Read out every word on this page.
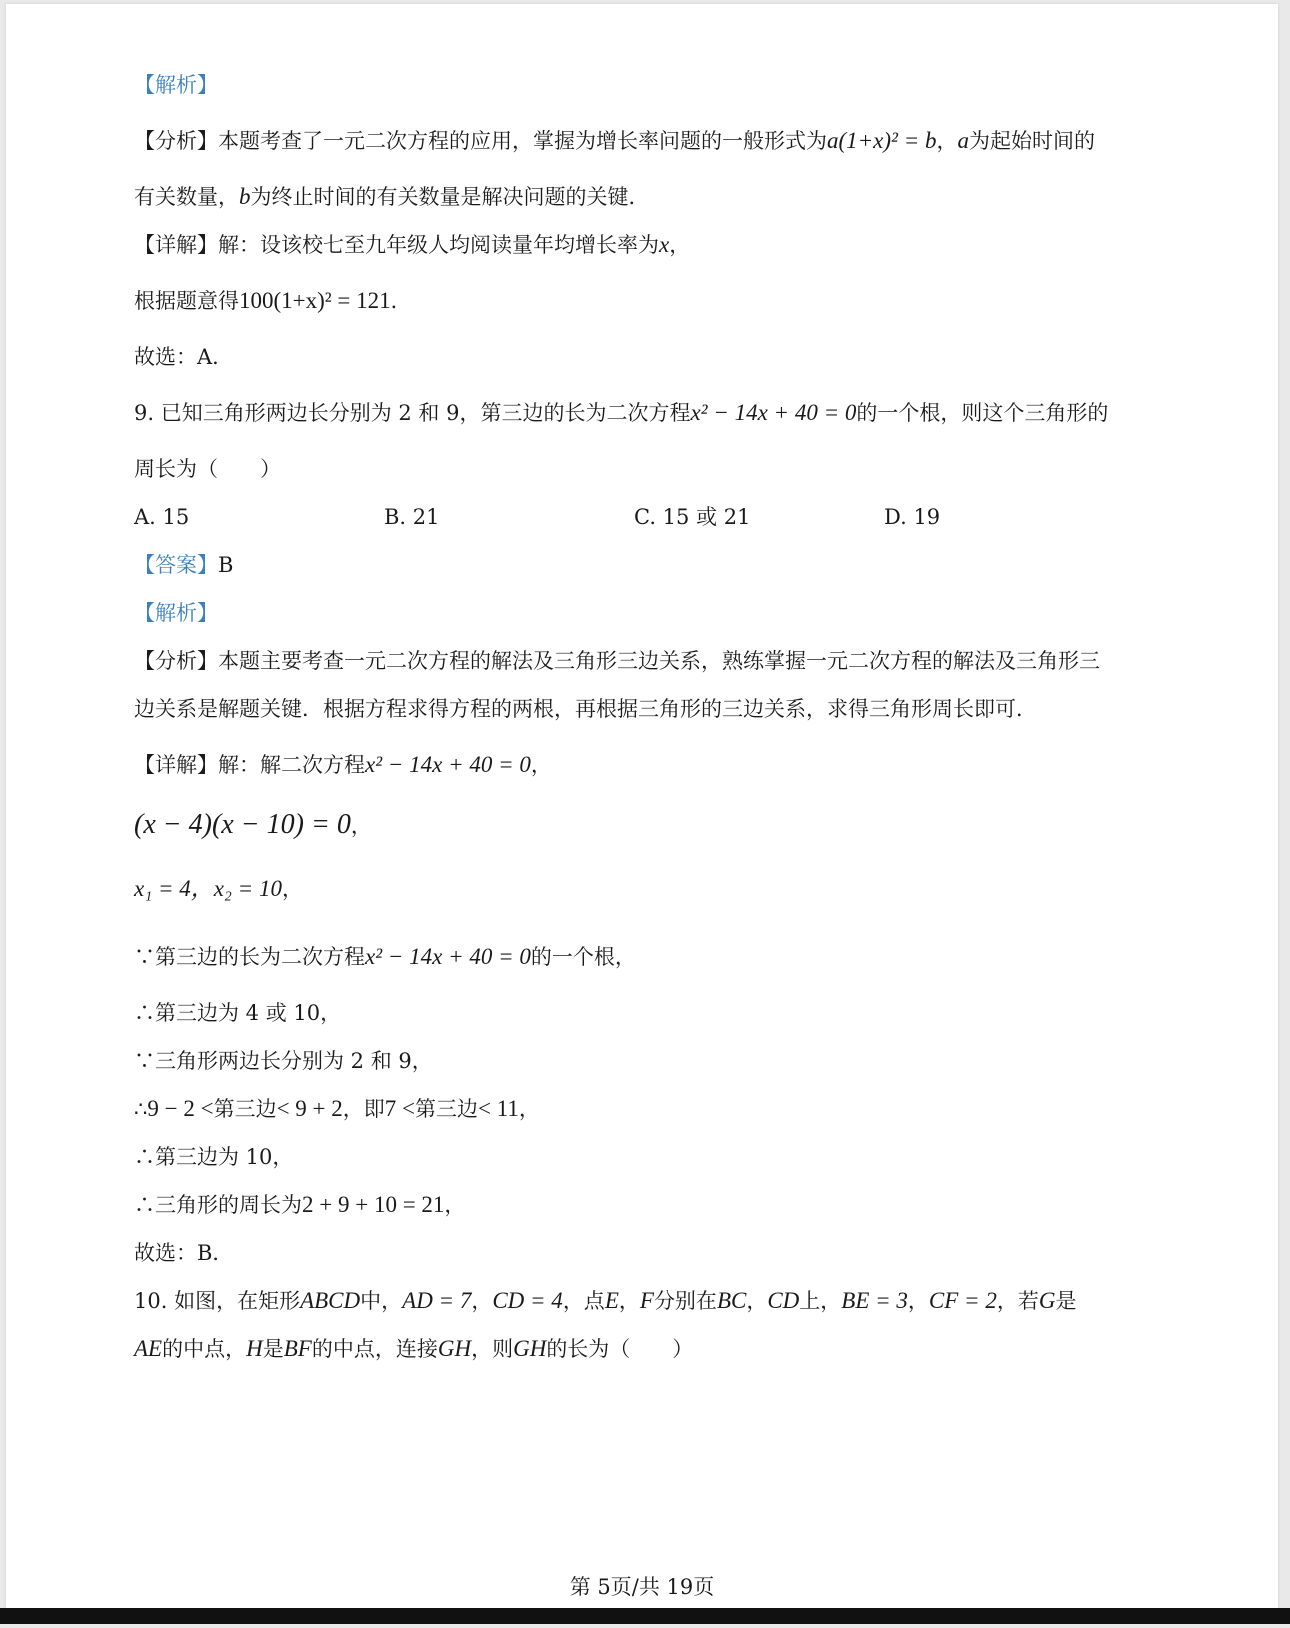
【解析】
【分析】本题考查了一元二次方程的应用，掌握为增长率问题的一般形式为a(1+x)² = b，a为起始时间的
有关数量，b为终止时间的有关数量是解决问题的关键．
【详解】解：设该校七至九年级人均阅读量年均增长率为x，
根据题意得100(1+x)² = 121．
故选：A．
9. 已知三角形两边长分别为 2 和 9，第三边的长为二次方程x² − 14x + 40 = 0的一个根，则这个三角形的
周长为（　　）
A. 15	B. 21	C. 15 或 21	D. 19
【答案】B
【解析】
【分析】本题主要考查一元二次方程的解法及三角形三边关系，熟练掌握一元二次方程的解法及三角形三
边关系是解题关键．根据方程求得方程的两根，再根据三角形的三边关系，求得三角形周长即可．
【详解】解：解二次方程x² − 14x + 40 = 0，
(x − 4)(x − 10) = 0，
x₁ = 4，x₂ = 10，
∵第三边的长为二次方程x² − 14x + 40 = 0的一个根，
∴第三边为 4 或 10，
∵三角形两边长分别为 2 和 9，
∴9 − 2 <第三边< 9 + 2，即7 <第三边< 11，
∴第三边为 10，
∴三角形的周长为2 + 9 + 10 = 21，
故选：B．
10. 如图，在矩形ABCD中，AD = 7，CD = 4，点E，F分别在BC，CD上，BE = 3，CF = 2，若G是
AE的中点，H是BF的中点，连接GH，则GH的长为（　　）
第 5页/共 19页
